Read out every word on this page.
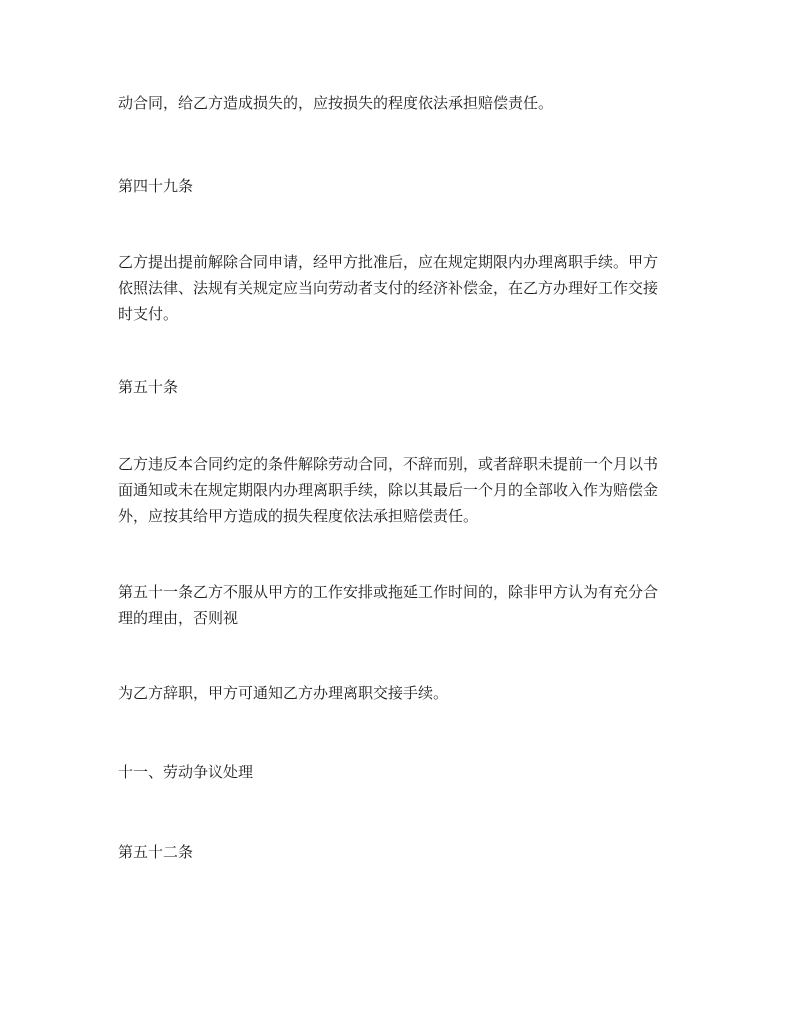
动合同，给乙方造成损失的，应按损失的程度依法承担赔偿责任。

第四十九条

乙方提出提前解除合同申请，经甲方批准后，应在规定期限内办理离职手续。甲方
依照法律、法规有关规定应当向劳动者支付的经济补偿金，在乙方办理好工作交接
时支付。

第五十条

乙方违反本合同约定的条件解除劳动合同，不辞而别，或者辞职未提前一个月以书
面通知或未在规定期限内办理离职手续，除以其最后一个月的全部收入作为赔偿金
外，应按其给甲方造成的损失程度依法承担赔偿责任。

第五十一条乙方不服从甲方的工作安排或拖延工作时间的，除非甲方认为有充分合
理的理由，否则视

为乙方辞职，甲方可通知乙方办理离职交接手续。

十一、劳动争议处理

第五十二条
